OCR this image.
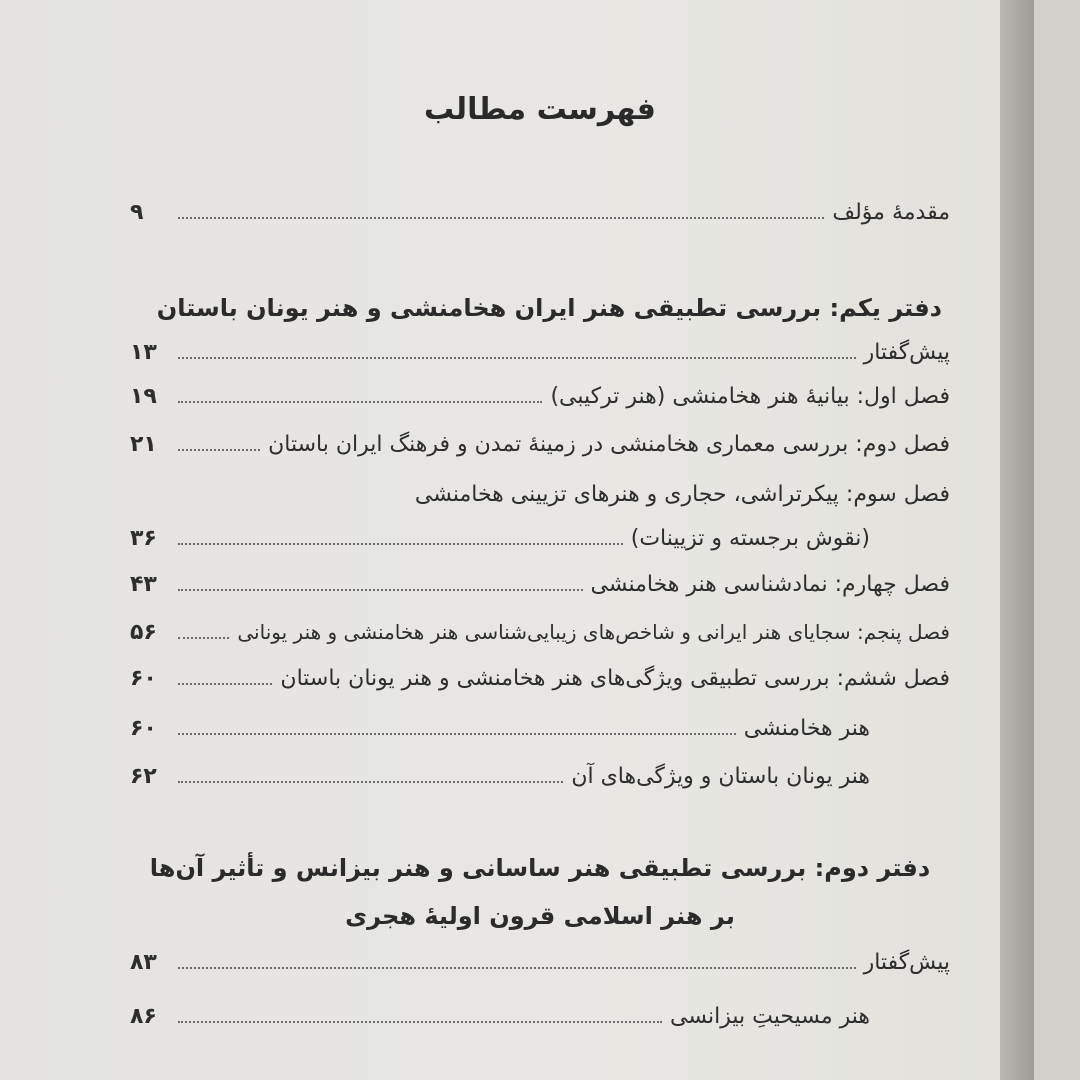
فهرست مطالب
مقدمهٔ مؤلف
۹
دفتر یکم: بررسی تطبیقی هنر ایران هخامنشی و هنر یونان باستان
پیش‌گفتار
۱۳
فصل اول: بیانیهٔ هنر هخامنشی (هنر ترکیبی)
۱۹
فصل دوم: بررسی معماری هخامنشی در زمینهٔ تمدن و فرهنگ ایران باستان
۲۱
فصل سوم: پیکرتراشی، حجاری و هنرهای تزیینی هخامنشی
(نقوش برجسته و تزیینات)
۳۶
فصل چهارم: نمادشناسی هنر هخامنشی
۴۳
فصل پنجم: سجایای هنر ایرانی و شاخص‌های زیبایی‌شناسی هنر هخامنشی و هنر یونانی
۵۶
فصل ششم: بررسی تطبیقی ویژگی‌های هنر هخامنشی و هنر یونان باستان
۶۰
هنر هخامنشی
۶۰
هنر یونان باستان و ویژگی‌های آن
۶۲
دفتر دوم: بررسی تطبیقی هنر ساسانی و هنر بیزانس و تأثیر آن‌ها
بر هنر اسلامی قرون اولیهٔ هجری
پیش‌گفتار
۸۳
هنر مسیحیتِ بیزانسی
۸۶
